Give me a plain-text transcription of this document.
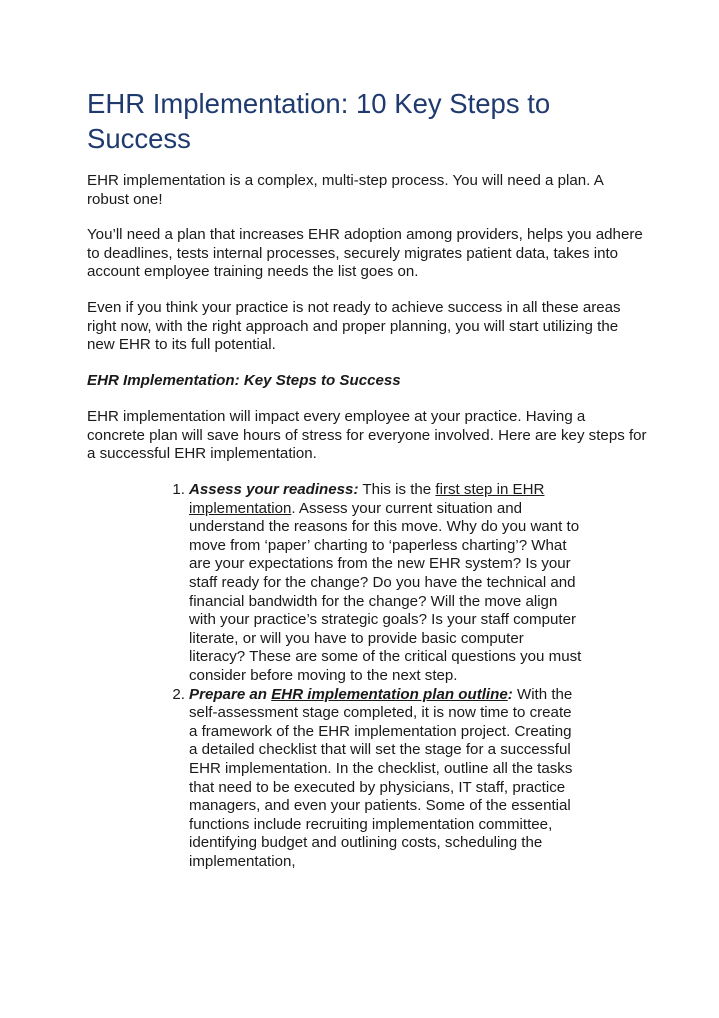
EHR Implementation: 10 Key Steps to Success

EHR implementation is a complex, multi-step process. You will need a plan. A robust one!

You’ll need a plan that increases EHR adoption among providers, helps you adhere to deadlines, tests internal processes, securely migrates patient data, takes into account employee training needs the list goes on.

Even if you think your practice is not ready to achieve success in all these areas right now, with the right approach and proper planning, you will start utilizing the new EHR to its full potential.

EHR Implementation: Key Steps to Success

EHR implementation will impact every employee at your practice. Having a concrete plan will save hours of stress for everyone involved. Here are key steps for a successful EHR implementation.

1. Assess your readiness: This is the first step in EHR implementation. Assess your current situation and understand the reasons for this move. Why do you want to move from ‘paper’ charting to ‘paperless charting’? What are your expectations from the new EHR system? Is your staff ready for the change? Do you have the technical and financial bandwidth for the change? Will the move align with your practice’s strategic goals? Is your staff computer literate, or will you have to provide basic computer literacy? These are some of the critical questions you must consider before moving to the next step.
2. Prepare an EHR implementation plan outline: With the self-assessment stage completed, it is now time to create a framework of the EHR implementation project. Creating a detailed checklist that will set the stage for a successful EHR implementation. In the checklist, outline all the tasks that need to be executed by physicians, IT staff, practice managers, and even your patients. Some of the essential functions include recruiting implementation committee, identifying budget and outlining costs, scheduling the implementation,
